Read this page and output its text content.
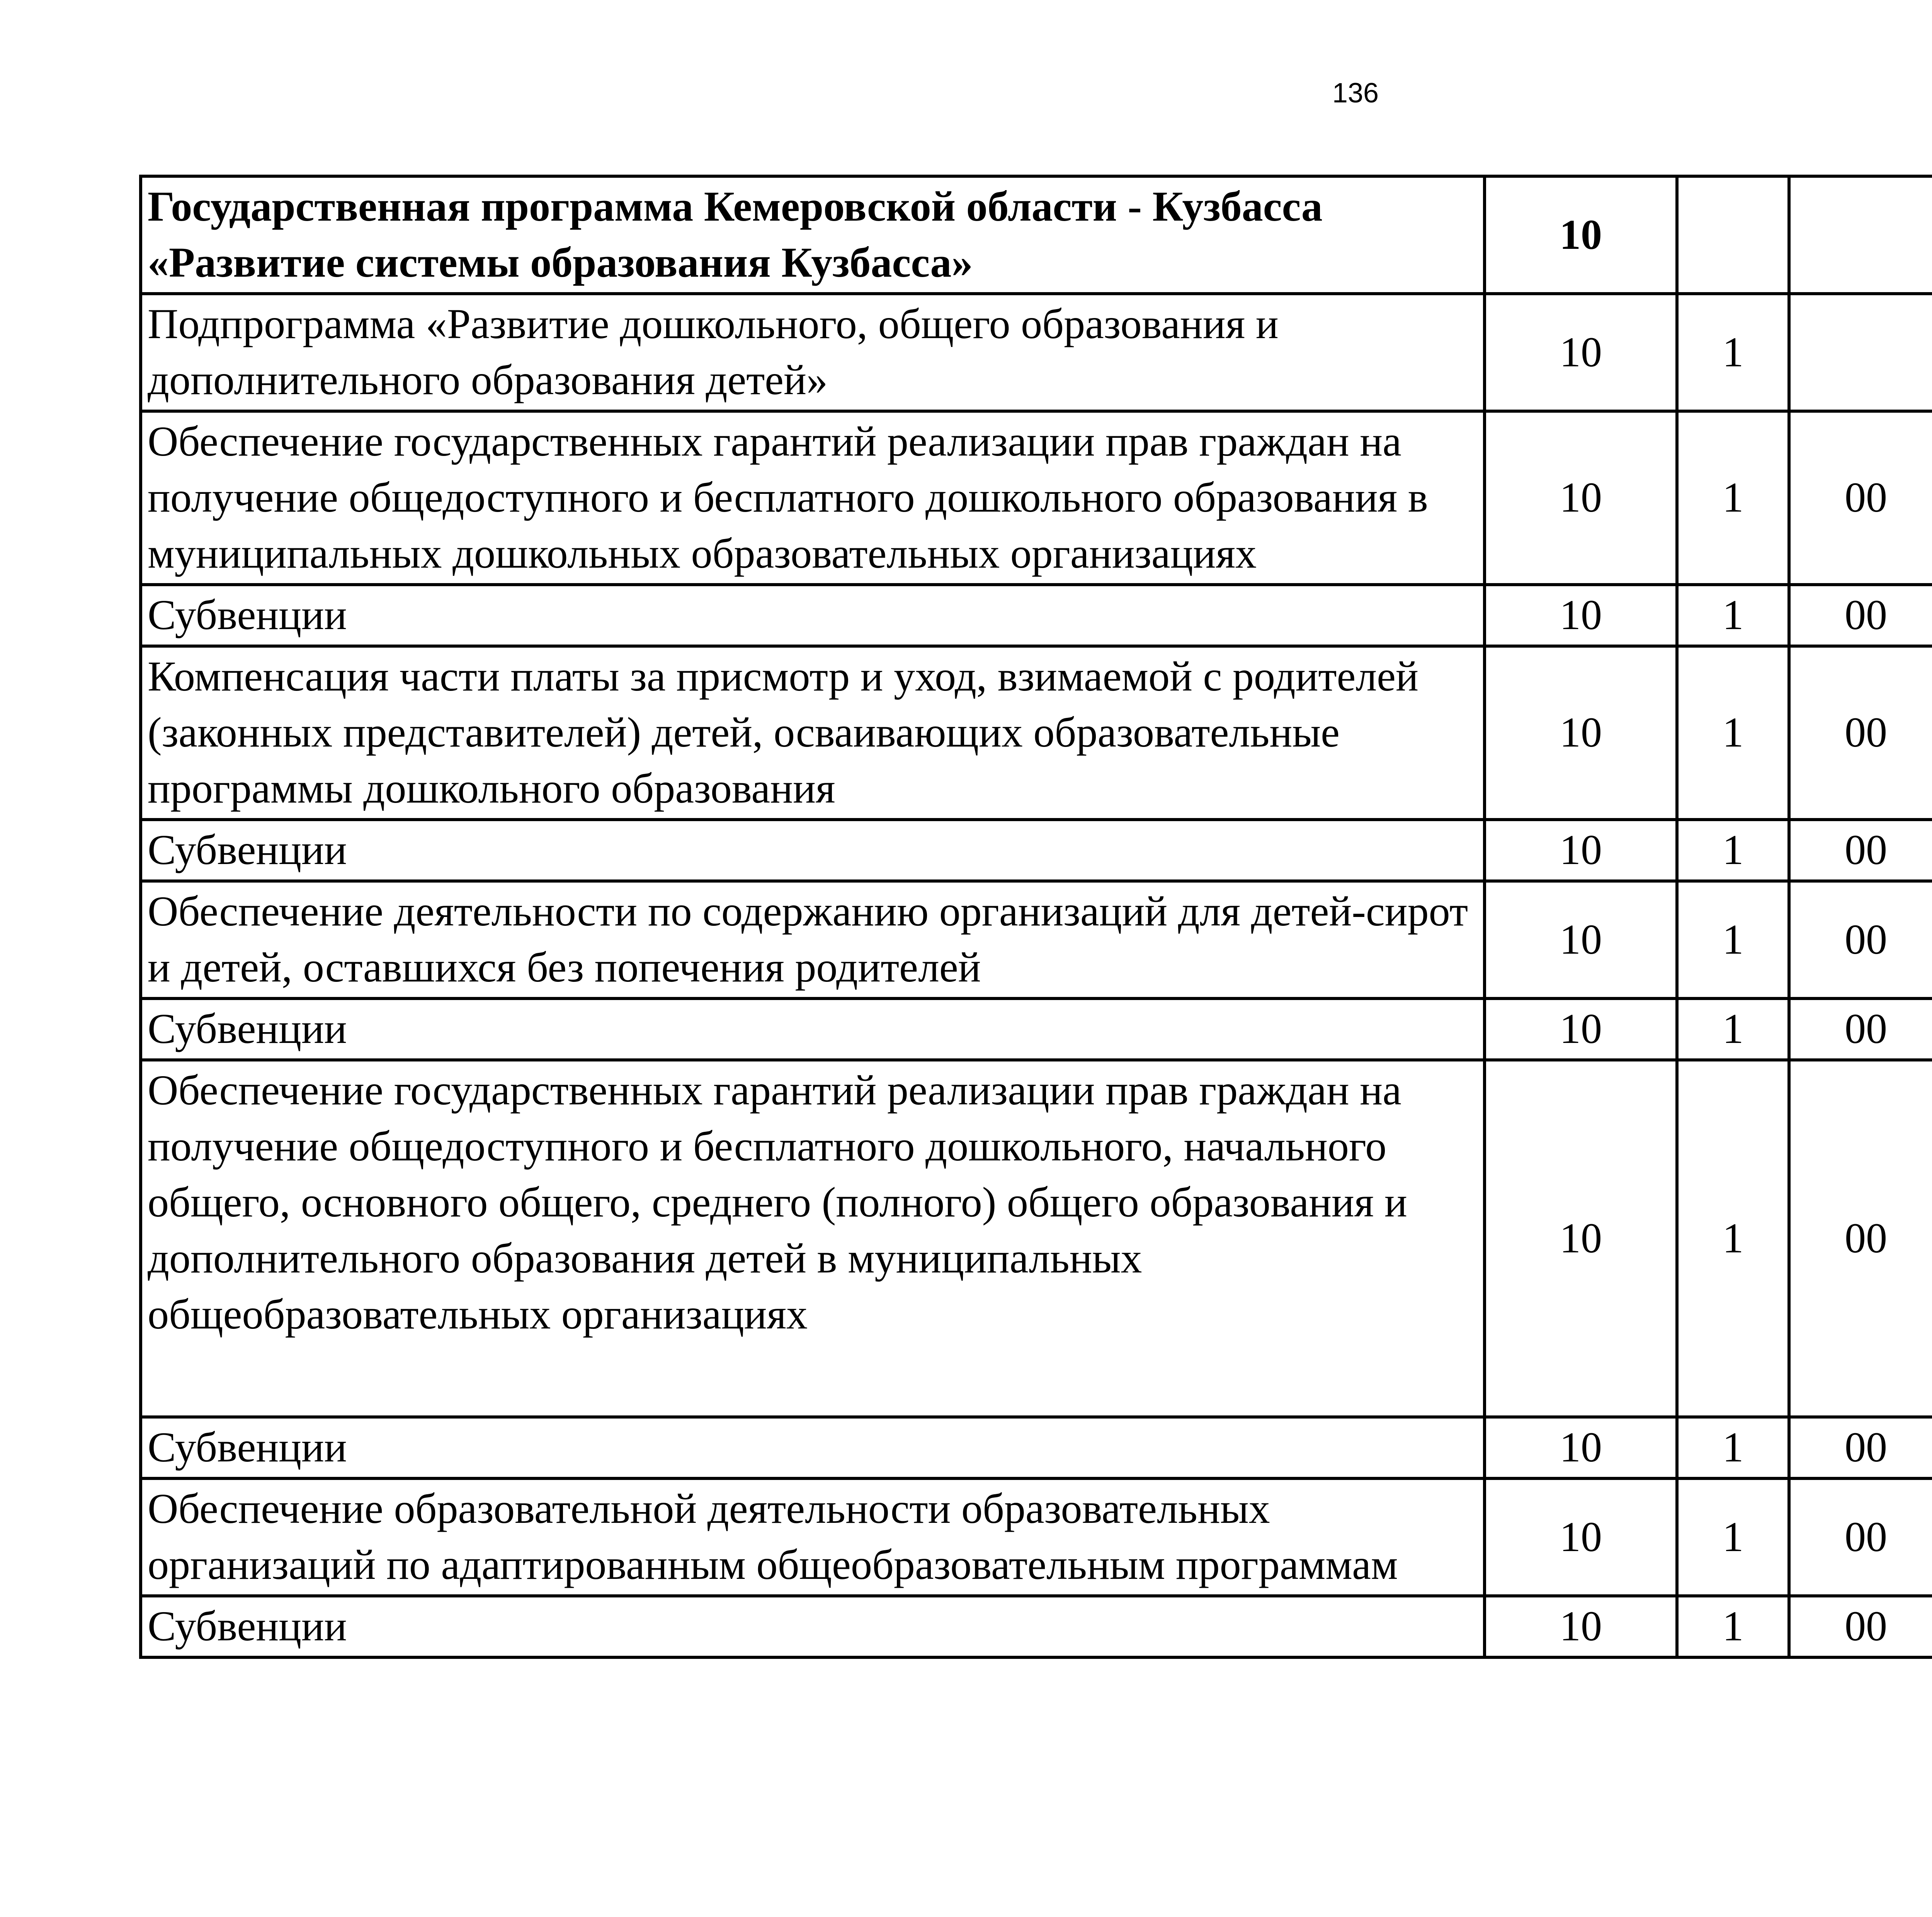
136
Государственная программа Кемеровской области - Кузбасса «Развитие системы образования Кузбасса»	10					
Подпрограмма «Развитие дошкольного, общего образования и дополнительного образования детей»	10	1				
Обеспечение государственных гарантий реализации прав граждан на получение общедоступного и бесплатного дошкольного образования в муниципальных дошкольных образовательных организациях	10	1	00			
Субвенции	10	1	00			
Компенсация части платы за присмотр и уход, взимаемой с родителей (законных представителей) детей, осваивающих образовательные программы дошкольного образования	10	1	00			
Субвенции	10	1	00			
Обеспечение деятельности по содержанию организаций для детей-сирот и детей, оставшихся без попечения родителей	10	1	00			
Субвенции	10	1	00			
Обеспечение государственных гарантий реализации прав граждан на получение общедоступного и бесплатного дошкольного, начального общего, основного общего, среднего (полного) общего образования и дополнительного образования детей в муниципальных общеобразовательных организациях	10	1	00			
Субвенции	10	1	00			
Обеспечение образовательной деятельности образовательных организаций по адаптированным общеобразовательным программам	10	1	00			
Субвенции	10	1	00			
